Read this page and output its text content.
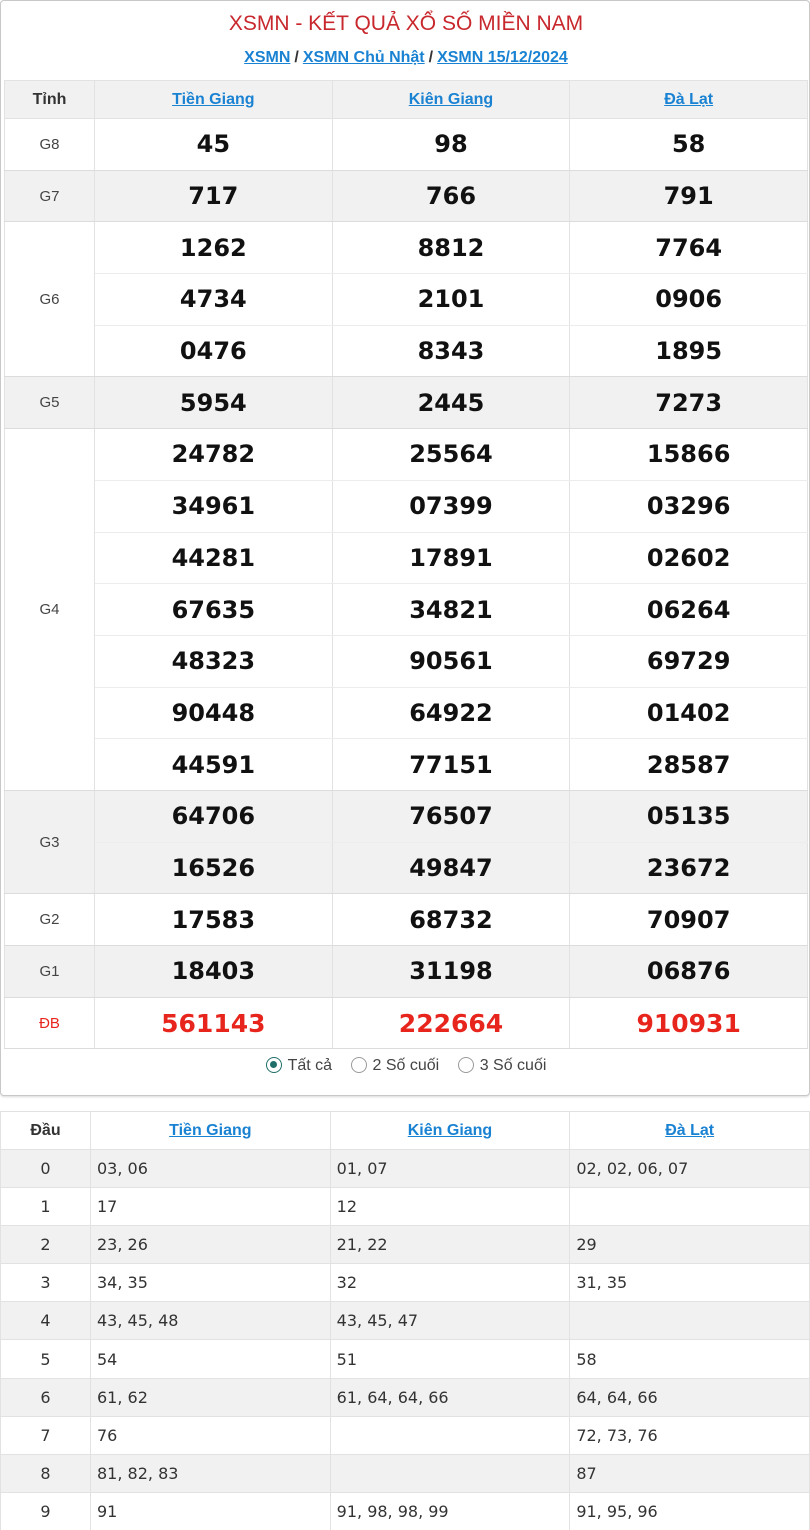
XSMN - KẾT QUẢ XỔ SỐ MIỀN NAM
XSMN / XSMN Chủ Nhật / XSMN 15/12/2024
Tỉnh	Tiền Giang	Kiên Giang	Đà Lạt
G8	45	98	58
G7	717	766	791
G6	1262	8812	7764
	4734	2101	0906
	0476	8343	1895
G5	5954	2445	7273
G4	24782	25564	15866
	34961	07399	03296
	44281	17891	02602
	67635	34821	06264
	48323	90561	69729
	90448	64922	01402
	44591	77151	28587
G3	64706	76507	05135
	16526	49847	23672
G2	17583	68732	70907
G1	18403	31198	06876
ĐB	561143	222664	910931
Tất cả	2 Số cuối	3 Số cuối
Đầu	Tiền Giang	Kiên Giang	Đà Lạt
0	03, 06	01, 07	02, 02, 06, 07
1	17	12	
2	23, 26	21, 22	29
3	34, 35	32	31, 35
4	43, 45, 48	43, 45, 47	
5	54	51	58
6	61, 62	61, 64, 64, 66	64, 64, 66
7	76		72, 73, 76
8	81, 82, 83		87
9	91	91, 98, 98, 99	91, 95, 96
